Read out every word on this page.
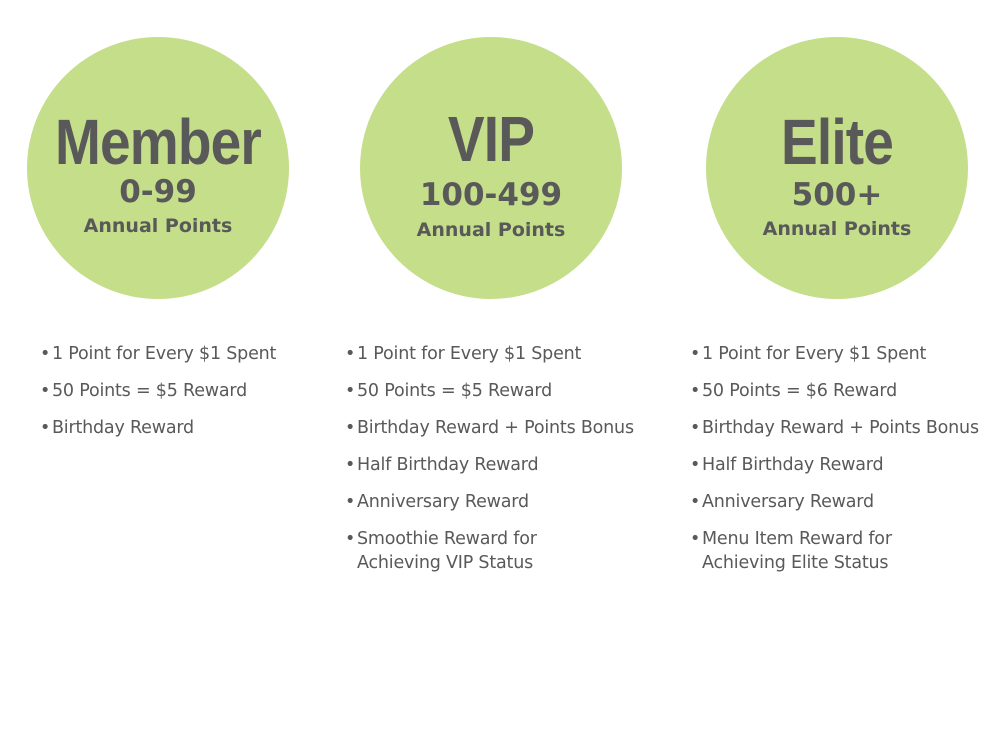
Member
0-99
Annual Points
• 1 Point for Every $1 Spent
• 50 Points = $5 Reward
• Birthday Reward
VIP
100-499
Annual Points
• 1 Point for Every $1 Spent
• 50 Points = $5 Reward
• Birthday Reward + Points Bonus
• Half Birthday Reward
• Anniversary Reward
• Smoothie Reward for
Achieving VIP Status
Elite
500+
Annual Points
• 1 Point for Every $1 Spent
• 50 Points = $6 Reward
• Birthday Reward + Points Bonus
• Half Birthday Reward
• Anniversary Reward
• Menu Item Reward for
Achieving Elite Status
